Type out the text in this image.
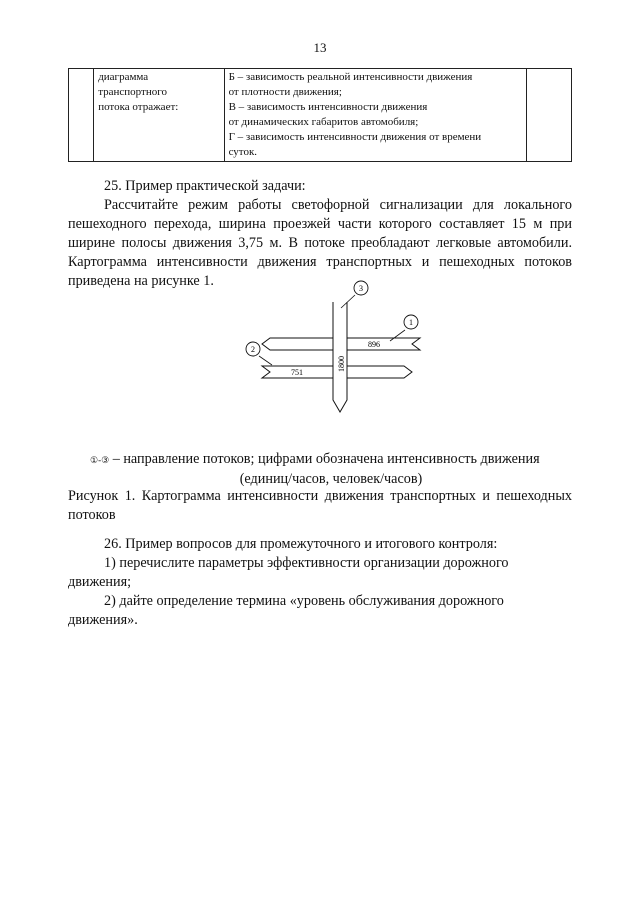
13

диаграмма
транспортного
потока отражает:

Б – зависимость реальной интенсивности движения
от плотности движения;
В – зависимость интенсивности движения
от динамических габаритов автомобиля;
Г – зависимость интенсивности движения от времени
суток.

25. Пример практической задачи:
Рассчитайте режим работы светофорной сигнализации для локального
пешеходного перехода, ширина проезжей части которого составляет 15 м при
ширине полосы движения 3,75 м. В потоке преобладают легковые автомобили.
Картограмма интенсивности движения транспортных и пешеходных потоков
приведена на рисунке 1.
896
751
1800
1
2
3
①-③ – направление потоков; цифрами обозначена интенсивность движения
(единиц/часов, человек/часов)
Рисунок 1. Картограмма интенсивности движения транспортных и пешеходных
потоков
26. Пример вопросов для промежуточного и итогового контроля:
1) перечислите параметры эффективности организации дорожного движения;
2) дайте определение термина «уровень обслуживания дорожного движения».
